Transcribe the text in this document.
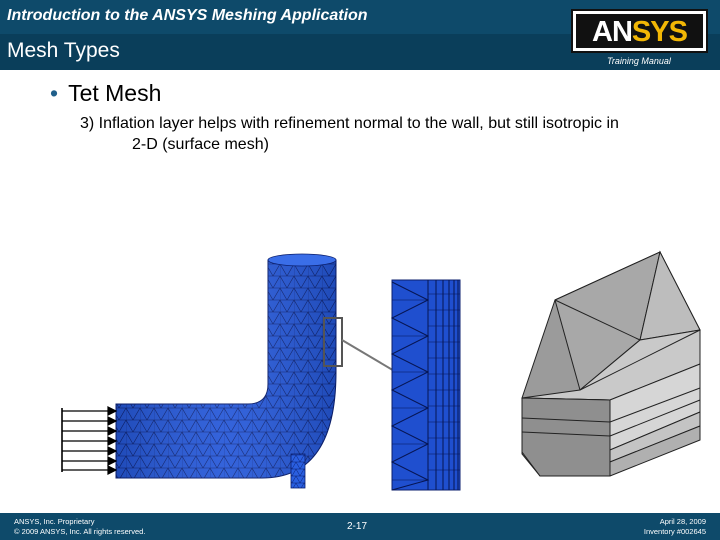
Introduction to the ANSYS Meshing Application
Mesh Types	Training Manual
ANSYS
• Tet Mesh
3) Inflation layer helps with refinement normal to the wall, but still isotropic in
2-D (surface mesh)
ANSYS, Inc. Proprietary
© 2009 ANSYS, Inc. All rights reserved.	2-17	April 28, 2009
Inventory #002645
